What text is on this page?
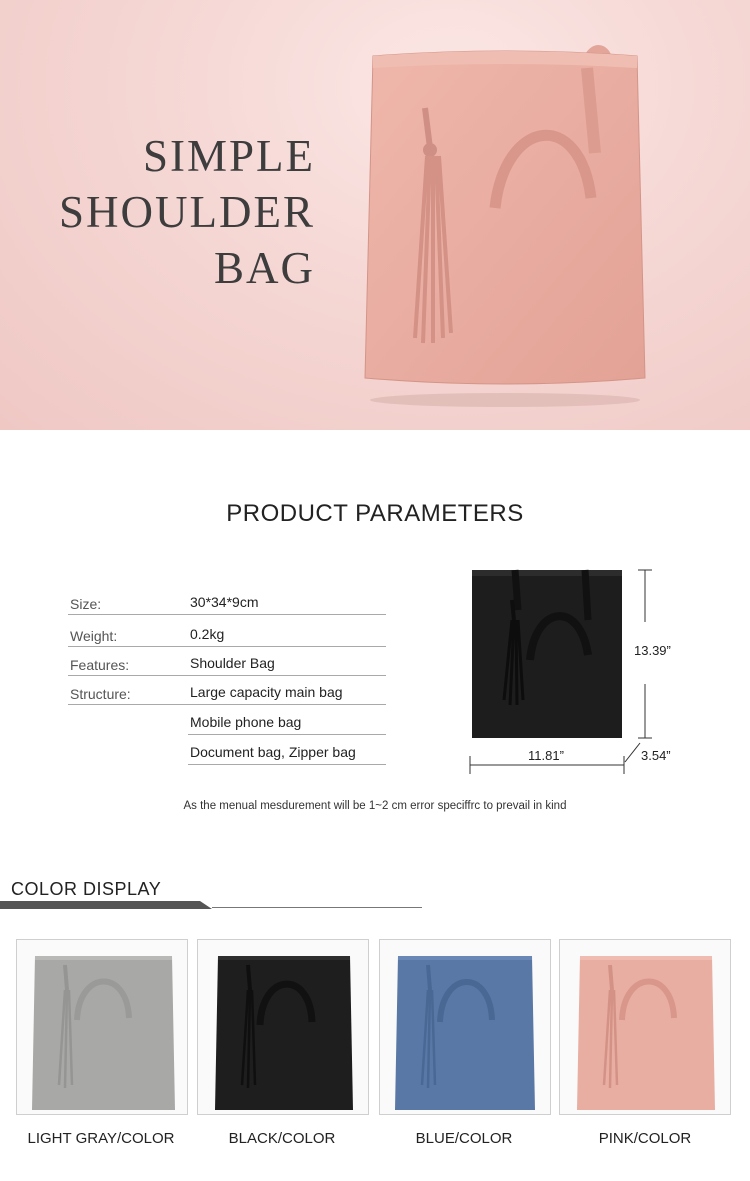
SIMPLE
SHOULDER
BAG
PRODUCT PARAMETERS
Size:	30*34*9cm
Weight:	0.2kg
Features:	Shoulder Bag
Structure:	Large capacity main bag
Mobile phone bag
Document bag, Zipper bag
13.39”
11.81”	3.54”
As the menual mesdurement will be 1~2 cm error speciffrc to prevail in kind
COLOR DISPLAY
LIGHT GRAY/COLOR	BLACK/COLOR	BLUE/COLOR	PINK/COLOR
